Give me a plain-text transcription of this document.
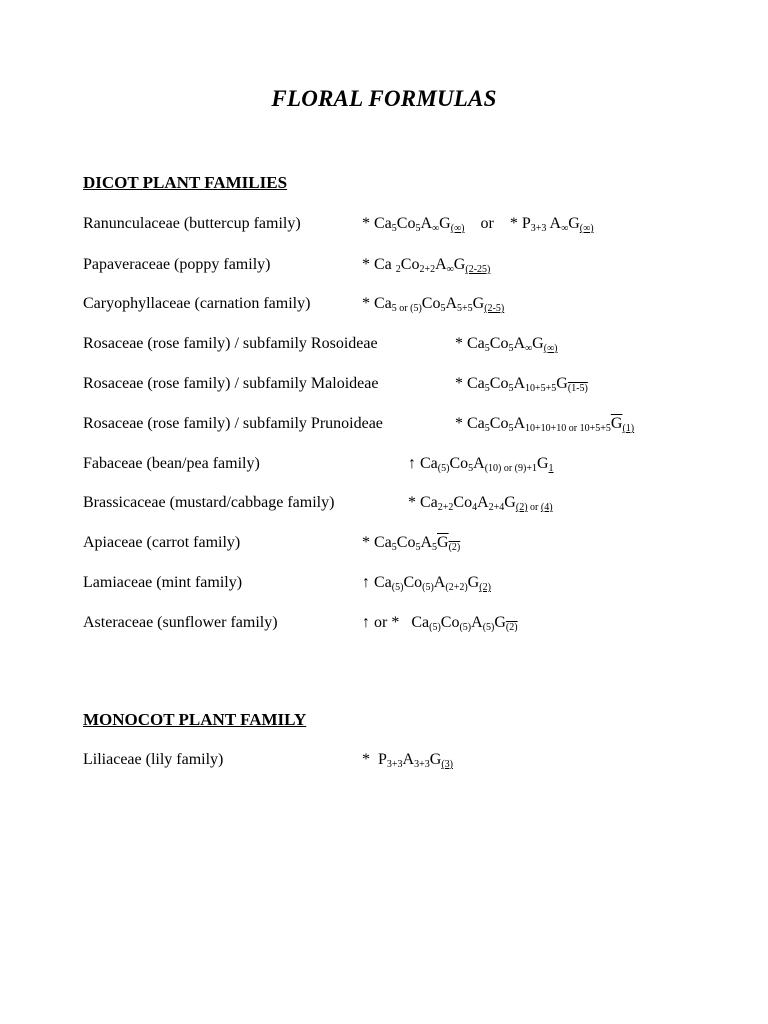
FLORAL FORMULAS
DICOT PLANT FAMILIES
Ranunculaceae (buttercup family)	* $Ca_5Co_5A_\infty G_{(\infty)}$ or * $P_{3+3}$ $A_\infty G_{(\infty)}$
Papaveraceae (poppy family)	* Ca $_2Co_{2+2}A_\infty G_{(2-25)}$
Caryophyllaceae (carnation family)	* $Ca_{5 or (5)}Co_5A_{5+5}G_{(2-5)}$
Rosaceae (rose family) / subfamily Rosoideae	* $Ca_5Co_5A_\infty G_{(\infty)}$
Rosaceae (rose family) / subfamily Maloideae	* $Ca_5Co_5A_{10+5+5}G_{(1-5)}$
Rosaceae (rose family) / subfamily Prunoideae	* $Ca_5Co_5A_{10+10+10 or 10+5+5}\overline{G}_{(1)}$
Fabaceae (bean/pea family)	↑ $Ca_{(5)}Co_5A_{(10) or (9)+1}G_1$
Brassicaceae (mustard/cabbage family)	* $Ca_{2+2}Co_4A_{2+4}G_{(2) or (4)}$
Apiaceae (carrot family)	* $Ca_5Co_5A_5G_{(2)}$
Lamiaceae (mint family)	↑ $Ca_{(5)}Co_{(5)}A_{(2+2)}G_{(2)}$
Asteraceae (sunflower family)	↑ or *   $Ca_{(5)}Co_{(5)}A_{(5)}G_{(2)}$
MONOCOT PLANT FAMILY
Liliaceae (lily family)	*  $P_{3+3}A_{3+3}G_{(3)}$
